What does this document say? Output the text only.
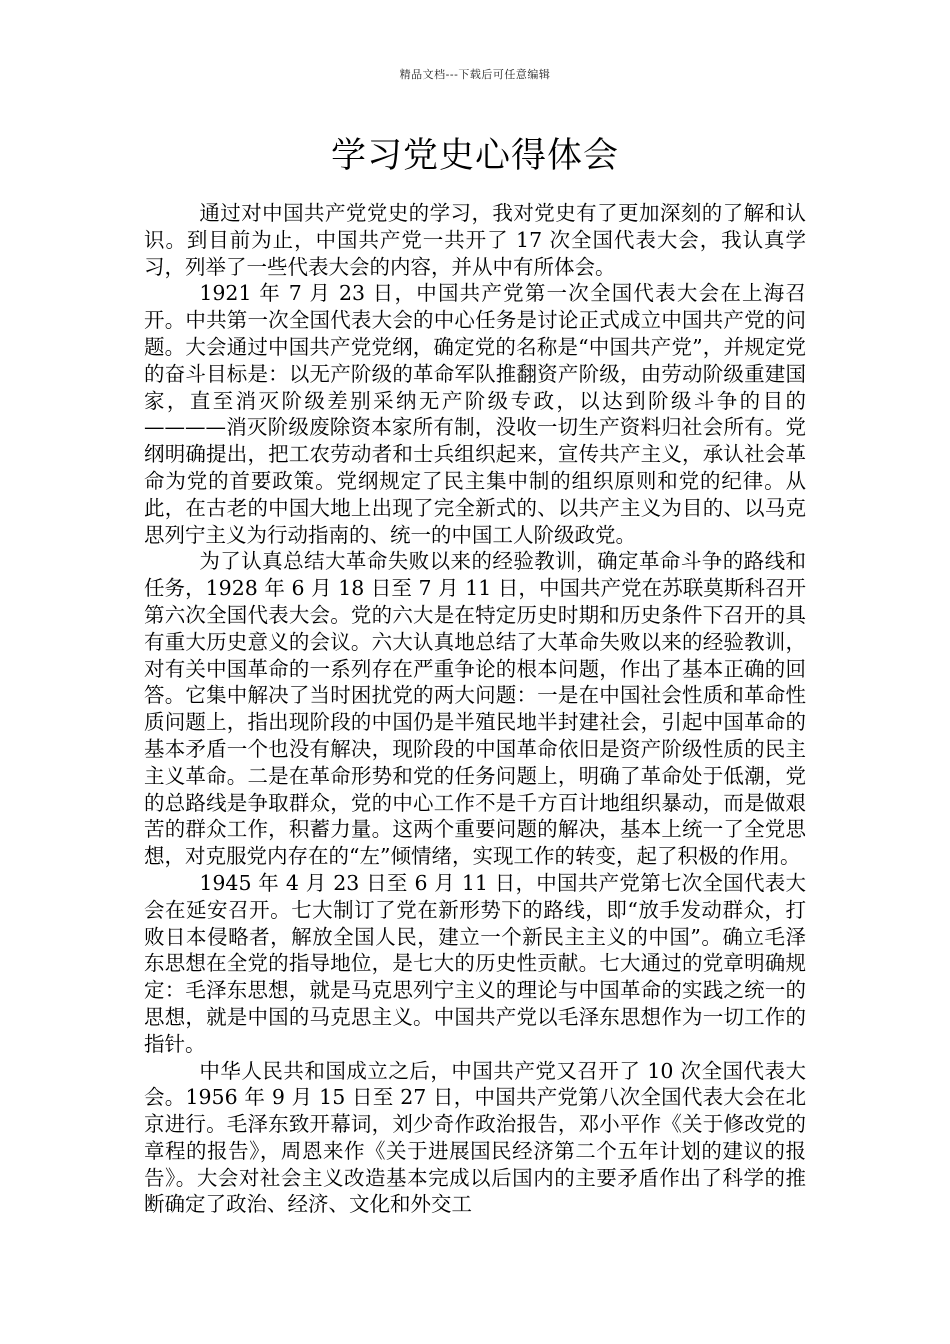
精品文档---下载后可任意编辑
学习党史心得体会

通过对中国共产党党史的学习，我对党史有了更加深刻的了解和认识。到目前为止，中国共产党一共开了 17 次全国代表大会，我认真学习，列举了一些代表大会的内容，并从中有所体会。

1921 年 7 月 23 日，中国共产党第一次全国代表大会在上海召开。中共第一次全国代表大会的中心任务是讨论正式成立中国共产党的问题。大会通过中国共产党党纲，确定党的名称是“中国共产党”，并规定党的奋斗目标是：以无产阶级的革命军队推翻资产阶级，由劳动阶级重建国家，直至消灭阶级差别采纳无产阶级专政，以达到阶级斗争的目的————消灭阶级废除资本家所有制，没收一切生产资料归社会所有。党纲明确提出，把工农劳动者和士兵组织起来，宣传共产主义，承认社会革命为党的首要政策。党纲规定了民主集中制的组织原则和党的纪律。从此，在古老的中国大地上出现了完全新式的、以共产主义为目的、以马克思列宁主义为行动指南的、统一的中国工人阶级政党。

为了认真总结大革命失败以来的经验教训，确定革命斗争的路线和任务，1928 年 6 月 18 日至 7 月 11 日，中国共产党在苏联莫斯科召开第六次全国代表大会。党的六大是在特定历史时期和历史条件下召开的具有重大历史意义的会议。六大认真地总结了大革命失败以来的经验教训，对有关中国革命的一系列存在严重争论的根本问题，作出了基本正确的回答。它集中解决了当时困扰党的两大问题：一是在中国社会性质和革命性质问题上，指出现阶段的中国仍是半殖民地半封建社会，引起中国革命的基本矛盾一个也没有解决，现阶段的中国革命依旧是资产阶级性质的民主主义革命。二是在革命形势和党的任务问题上，明确了革命处于低潮，党的总路线是争取群众，党的中心工作不是千方百计地组织暴动，而是做艰苦的群众工作，积蓄力量。这两个重要问题的解决，基本上统一了全党思想，对克服党内存在的“左”倾情绪，实现工作的转变，起了积极的作用。

1945 年 4 月 23 日至 6 月 11 日，中国共产党第七次全国代表大会在延安召开。七大制订了党在新形势下的路线，即“放手发动群众，打败日本侵略者，解放全国人民，建立一个新民主主义的中国”。确立毛泽东思想在全党的指导地位，是七大的历史性贡献。七大通过的党章明确规定：毛泽东思想，就是马克思列宁主义的理论与中国革命的实践之统一的思想，就是中国的马克思主义。中国共产党以毛泽东思想作为一切工作的指针。

中华人民共和国成立之后，中国共产党又召开了 10 次全国代表大会。1956 年 9 月 15 日至 27 日，中国共产党第八次全国代表大会在北京进行。毛泽东致开幕词，刘少奇作政治报告，邓小平作《关于修改党的章程的报告》，周恩来作《关于进展国民经济第二个五年计划的建议的报告》。大会对社会主义改造基本完成以后国内的主要矛盾作出了科学的推断确定了政治、经济、文化和外交工
